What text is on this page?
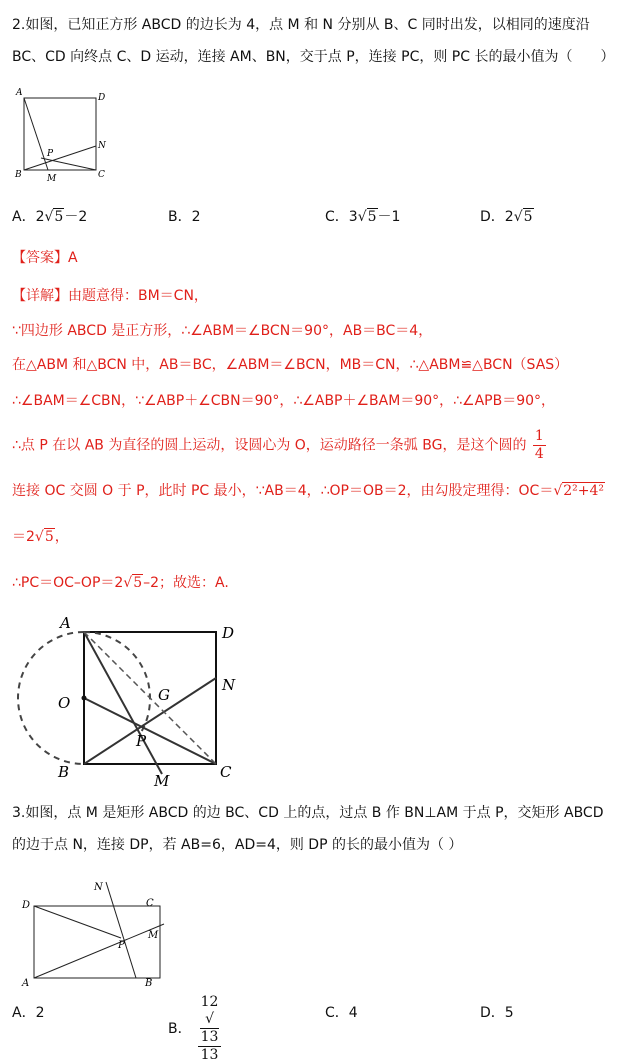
2.如图，已知正方形 ABCD 的边长为 4，点 M 和 N 分别从 B、C 同时出发，以相同的速度沿
BC、CD 向终点 C、D 运动，连接 AM、BN，交于点 P，连接 PC，则 PC 长的最小值为（　　）
A	D
B	C
N
M
P
A．2√5－2	B．2	C．3√5－1	D．2√5
【答案】A
【详解】由题意得：BM＝CN，
∵四边形 ABCD 是正方形，∴∠ABM＝∠BCN＝90°，AB＝BC＝4，
在△ABM 和△BCN 中，AB＝BC，∠ABM＝∠BCN，MB＝CN，∴△ABM≌△BCN（SAS）
∴∠BAM＝∠CBN，∵∠ABP＋∠CBN＝90°，∴∠ABP＋∠BAM＝90°，∴∠APB＝90°，
∴点 P 在以 AB 为直径的圆上运动，设圆心为 O，运动路径一条弧 BG，是这个圆的 $\frac{1}{4}$
连接 OC 交圆 O 于 P，此时 PC 最小，∵AB＝4，∴OP＝OB＝2，由勾股定理得：OC＝√2²+4²
＝2√5，
∴PC＝OC–OP＝2√5–2；故选：A.
A
D
B	C
N
O	G
P
M
3.如图，点 M 是矩形 ABCD 的边 BC、CD 上的点，过点 B 作 BN⊥AM 于点 P，交矩形 ABCD
的边于点 N，连接 DP，若 AB=6，AD=4，则 DP 的长的最小值为（ ）
D	C
A	B
N
M
P
A．2
B． 12
√
13
13	C．4	D．5
